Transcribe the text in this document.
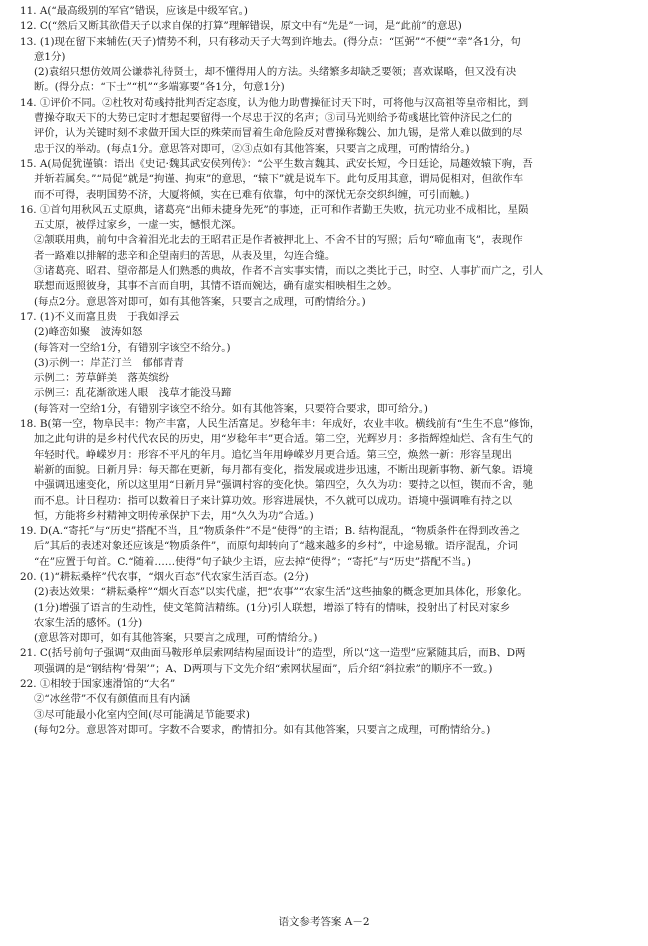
11. A(“最高级别的军官”错误，应该是中级军官。)
12. C(“然后又断其欲借天子以求自保的打算”理解错误，原文中有“先是”一词，是“此前”的意思)
13. (1)现在留下来辅佐(天子)情势不利，只有移动天子大驾到许地去。(得分点：“匡弼”“不便”“幸”各1分，句
意1分)
(2)袁绍只想仿效周公谦恭礼待贤士，却不懂得用人的方法。头绪繁多却缺乏要领；喜欢谋略，但又没有决
断。(得分点：“下士”“机”“多端寡要”各1分，句意1分)
14. ①评价不同。②杜牧对荀彧持批判否定态度，认为他力助曹操征讨天下时，可将他与汉高祖等皇帝相比，到
曹操夺取天下的大势已定时才想起要留得一个尽忠于汉的名声；③司马光则给予荀彧堪比管仲济民之仁的
评价，认为关键时刻不求做开国大臣的殊荣而冒着生命危险反对曹操称魏公、加九锡，是常人难以做到的尽
忠于汉的举动。(每点1分。意思答对即可，②③点如有其他答案，只要言之成理，可酌情给分。)
15. A(局促犹谨镇：语出《史记·魏其武安侯列传》：“公平生数言魏其、武安长短，今日廷论，局趣效辕下驹，吾
并斩若属矣。”“局促”就是“拘谨、拘束”的意思，“辕下”就是说车下。此句反用其意，谓局促相对，但欲作车
而不可得，表明国势不济，大厦将倾，实在已难有依靠，句中的深忧无奈交织纠缠，可引而触。)
16. ①首句用秋风五丈原典，诸葛亮“出师未捷身先死”的事迹，正可和作者勤王失败，抗元功业不成相比，星陨
五丈原，被俘过家乡，一虚一实，憾恨尤深。
②颔联用典，前句中含着泪光北去的王昭君正是作者被押北上、不舍不甘的写照；后句“啼血南飞”，表现作
者一路难以排解的悲辛和企望南归的苦思，从表及里，勾连合缝。
③诸葛亮、昭君、望帝都是人们熟悉的典故，作者不言实事实情，而以之类比于己，时空、人事扩而广之，引人
联想而返照彼身，其事不言而自明，其情不语而婉达，确有虚实相映相生之妙。
(每点2分。意思答对即可，如有其他答案，只要言之成理，可酌情给分。)
17. (1)不义而富且贵　于我如浮云
(2)峰峦如聚　波涛如怒
(每答对一空给1分，有错别字该空不给分。)
(3)示例一：岸芷汀兰　郁郁青青
示例二：芳草鲜美　落英缤纷
示例三：乱花渐欲迷人眼　浅草才能没马蹄
(每答对一空给1分，有错别字该空不给分。如有其他答案，只要符合要求，即可给分。)
18. B(第一空，物阜民丰：物产丰富，人民生活富足。岁稔年丰：年成好，农业丰收。横线前有“生生不息”修饰，
加之此句讲的是乡村代代农民的历史，用“岁稔年丰”更合适。第二空，光辉岁月：多指辉煌灿烂、含有生气的
年轻时代。峥嵘岁月：形容不平凡的年月。追忆当年用峥嵘岁月更合适。第三空，焕然一新：形容呈现出
崭新的面貌。日新月异：每天都在更新，每月都有变化，指发展或进步迅速，不断出现新事物、新气象。语境
中强调迅速变化，所以这里用“日新月异”强调村容的变化快。第四空，久久为功：要持之以恒，锲而不舍，驰
而不息。计日程功：指可以数着日子来计算功效。形容进展快，不久就可以成功。语境中强调唯有持之以
恒，方能将乡村精神文明传承保护下去，用“久久为功”合适。)
19. D(A.“寄托”与“历史”搭配不当，且“物质条件”不是“使得”的主语；B. 结构混乱，“物质条件在得到改善之
后”其后的表述对象还应该是“物质条件”，而原句却转向了“越来越多的乡村”，中途易辙。语序混乱，介词
“在”应置于句首。C.“随着……使得”句子缺少主语，应去掉“使得”；“寄托”与“历史”搭配不当。)
20. (1)“耕耘桑梓”代农事，“烟火百态”代农家生活百态。(2分)
(2)表达效果：“耕耘桑梓”“烟火百态”以实代虚，把“农事”“农家生活”这些抽象的概念更加具体化，形象化。
(1分)增强了语言的生动性，使文笔简洁精练。(1分)引人联想，增添了特有的情味，投射出了村民对家乡
农家生活的感怀。(1分)
(意思答对即可，如有其他答案，只要言之成理，可酌情给分。)
21. C(括号前句子强调“双曲面马鞍形单层索网结构屋面设计”的造型，所以“这一造型”应紧随其后，而B、D两
项强调的是“钢结构‘骨架’”；A、D两项与下文先介绍“索网状屋面”，后介绍“斜拉索”的顺序不一致。)
22. ①相较于国家速滑馆的“大名”
②“冰丝带”不仅有颜值而且有内涵
③尽可能最小化室内空间(尽可能满足节能要求)
(每句2分。意思答对即可。字数不合要求，酌情扣分。如有其他答案，只要言之成理，可酌情给分。)
语文参考答案 A－2
